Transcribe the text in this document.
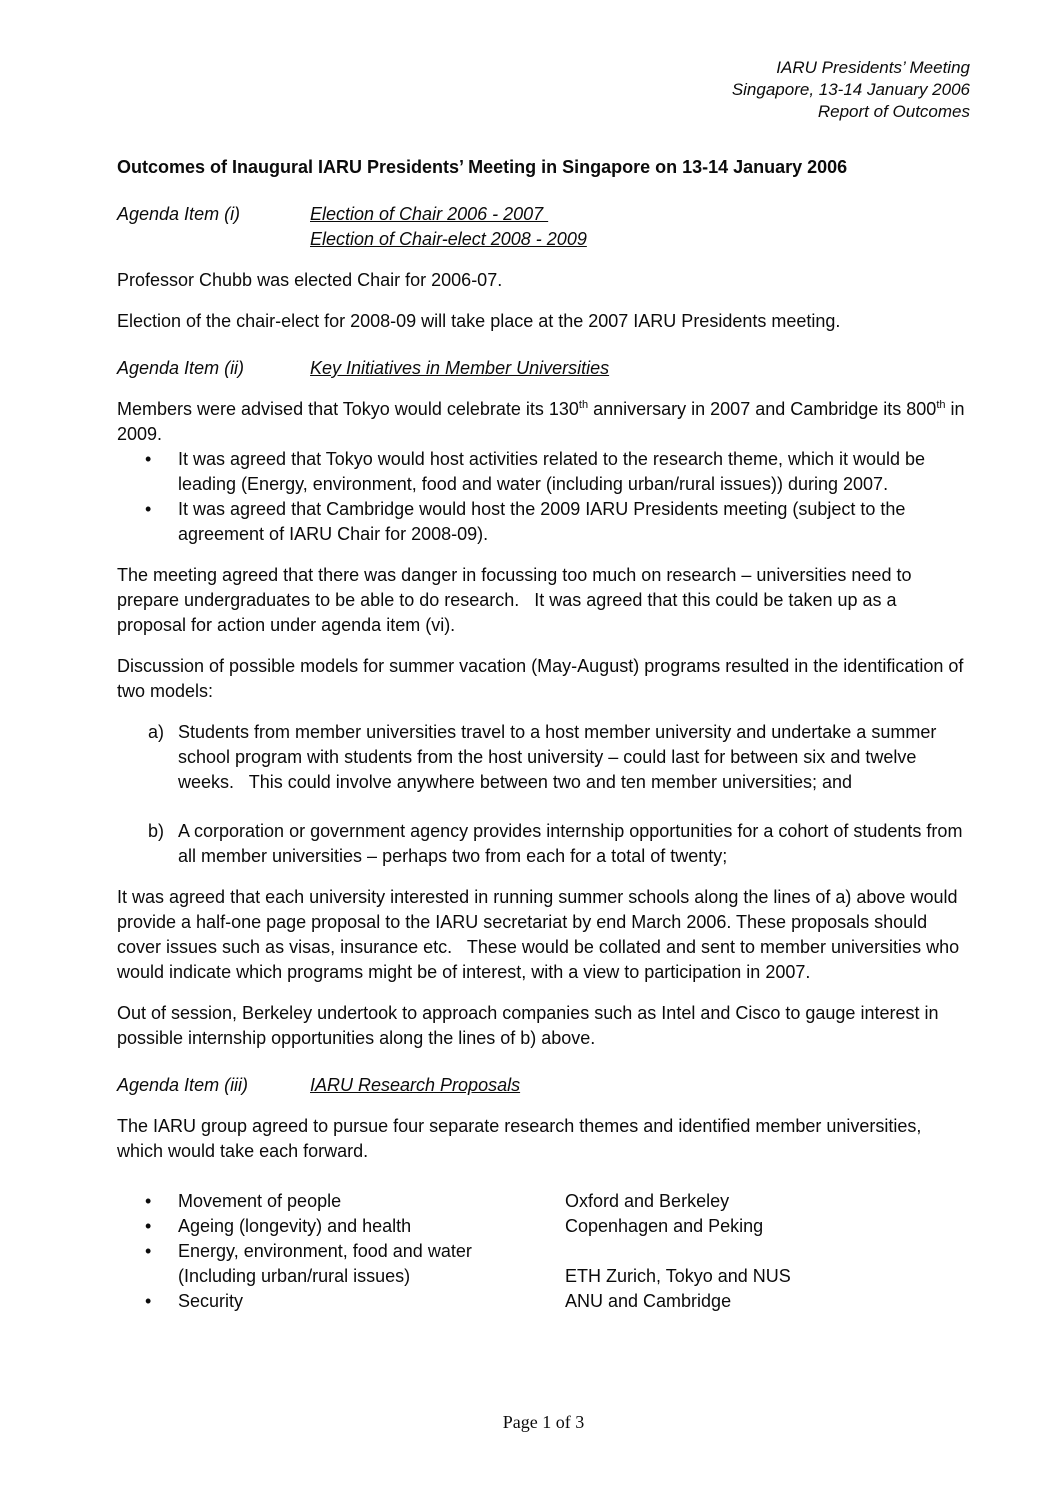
IARU Presidents’ Meeting
Singapore, 13-14 January 2006
Report of Outcomes
Outcomes of Inaugural IARU Presidents’ Meeting in Singapore on 13-14 January 2006
Agenda Item (i)	Election of Chair 2006 - 2007
Election of Chair-elect 2008 - 2009

Professor Chubb was elected Chair for 2006-07.

Election of the chair-elect for 2008-09 will take place at the 2007 IARU Presidents meeting.

Agenda Item (ii)	Key Initiatives in Member Universities

Members were advised that Tokyo would celebrate its 130th anniversary in 2007 and Cambridge its 800th in 2009.

•	It was agreed that Tokyo would host activities related to the research theme, which it would be leading (Energy, environment, food and water (including urban/rural issues)) during 2007.
•	It was agreed that Cambridge would host the 2009 IARU Presidents meeting (subject to the agreement of IARU Chair for 2008-09).

The meeting agreed that there was danger in focussing too much on research – universities need to prepare undergraduates to be able to do research.   It was agreed that this could be taken up as a proposal for action under agenda item (vi).

Discussion of possible models for summer vacation (May-August) programs resulted in the identification of two models:

a) Students from member universities travel to a host member university and undertake a summer school program with students from the host university – could last for between six and twelve weeks.   This could involve anywhere between two and ten member universities; and
b) A corporation or government agency provides internship opportunities for a cohort of students from all member universities – perhaps two from each for a total of twenty;

It was agreed that each university interested in running summer schools along the lines of a) above would provide a half-one page proposal to the IARU secretariat by end March 2006. These proposals should cover issues such as visas, insurance etc.   These would be collated and sent to member universities who would indicate which programs might be of interest, with a view to participation in 2007.

Out of session, Berkeley undertook to approach companies such as Intel and Cisco to gauge interest in possible internship opportunities along the lines of b) above.

Agenda Item (iii)	IARU Research Proposals

The IARU group agreed to pursue four separate research themes and identified member universities, which would take each forward.

•	Movement of people	Oxford and Berkeley
•	Ageing (longevity) and health	Copenhagen and Peking
•	Energy, environment, food and water
(Including urban/rural issues)	ETH Zurich, Tokyo and NUS
•	Security	ANU and Cambridge
Page 1 of 3
